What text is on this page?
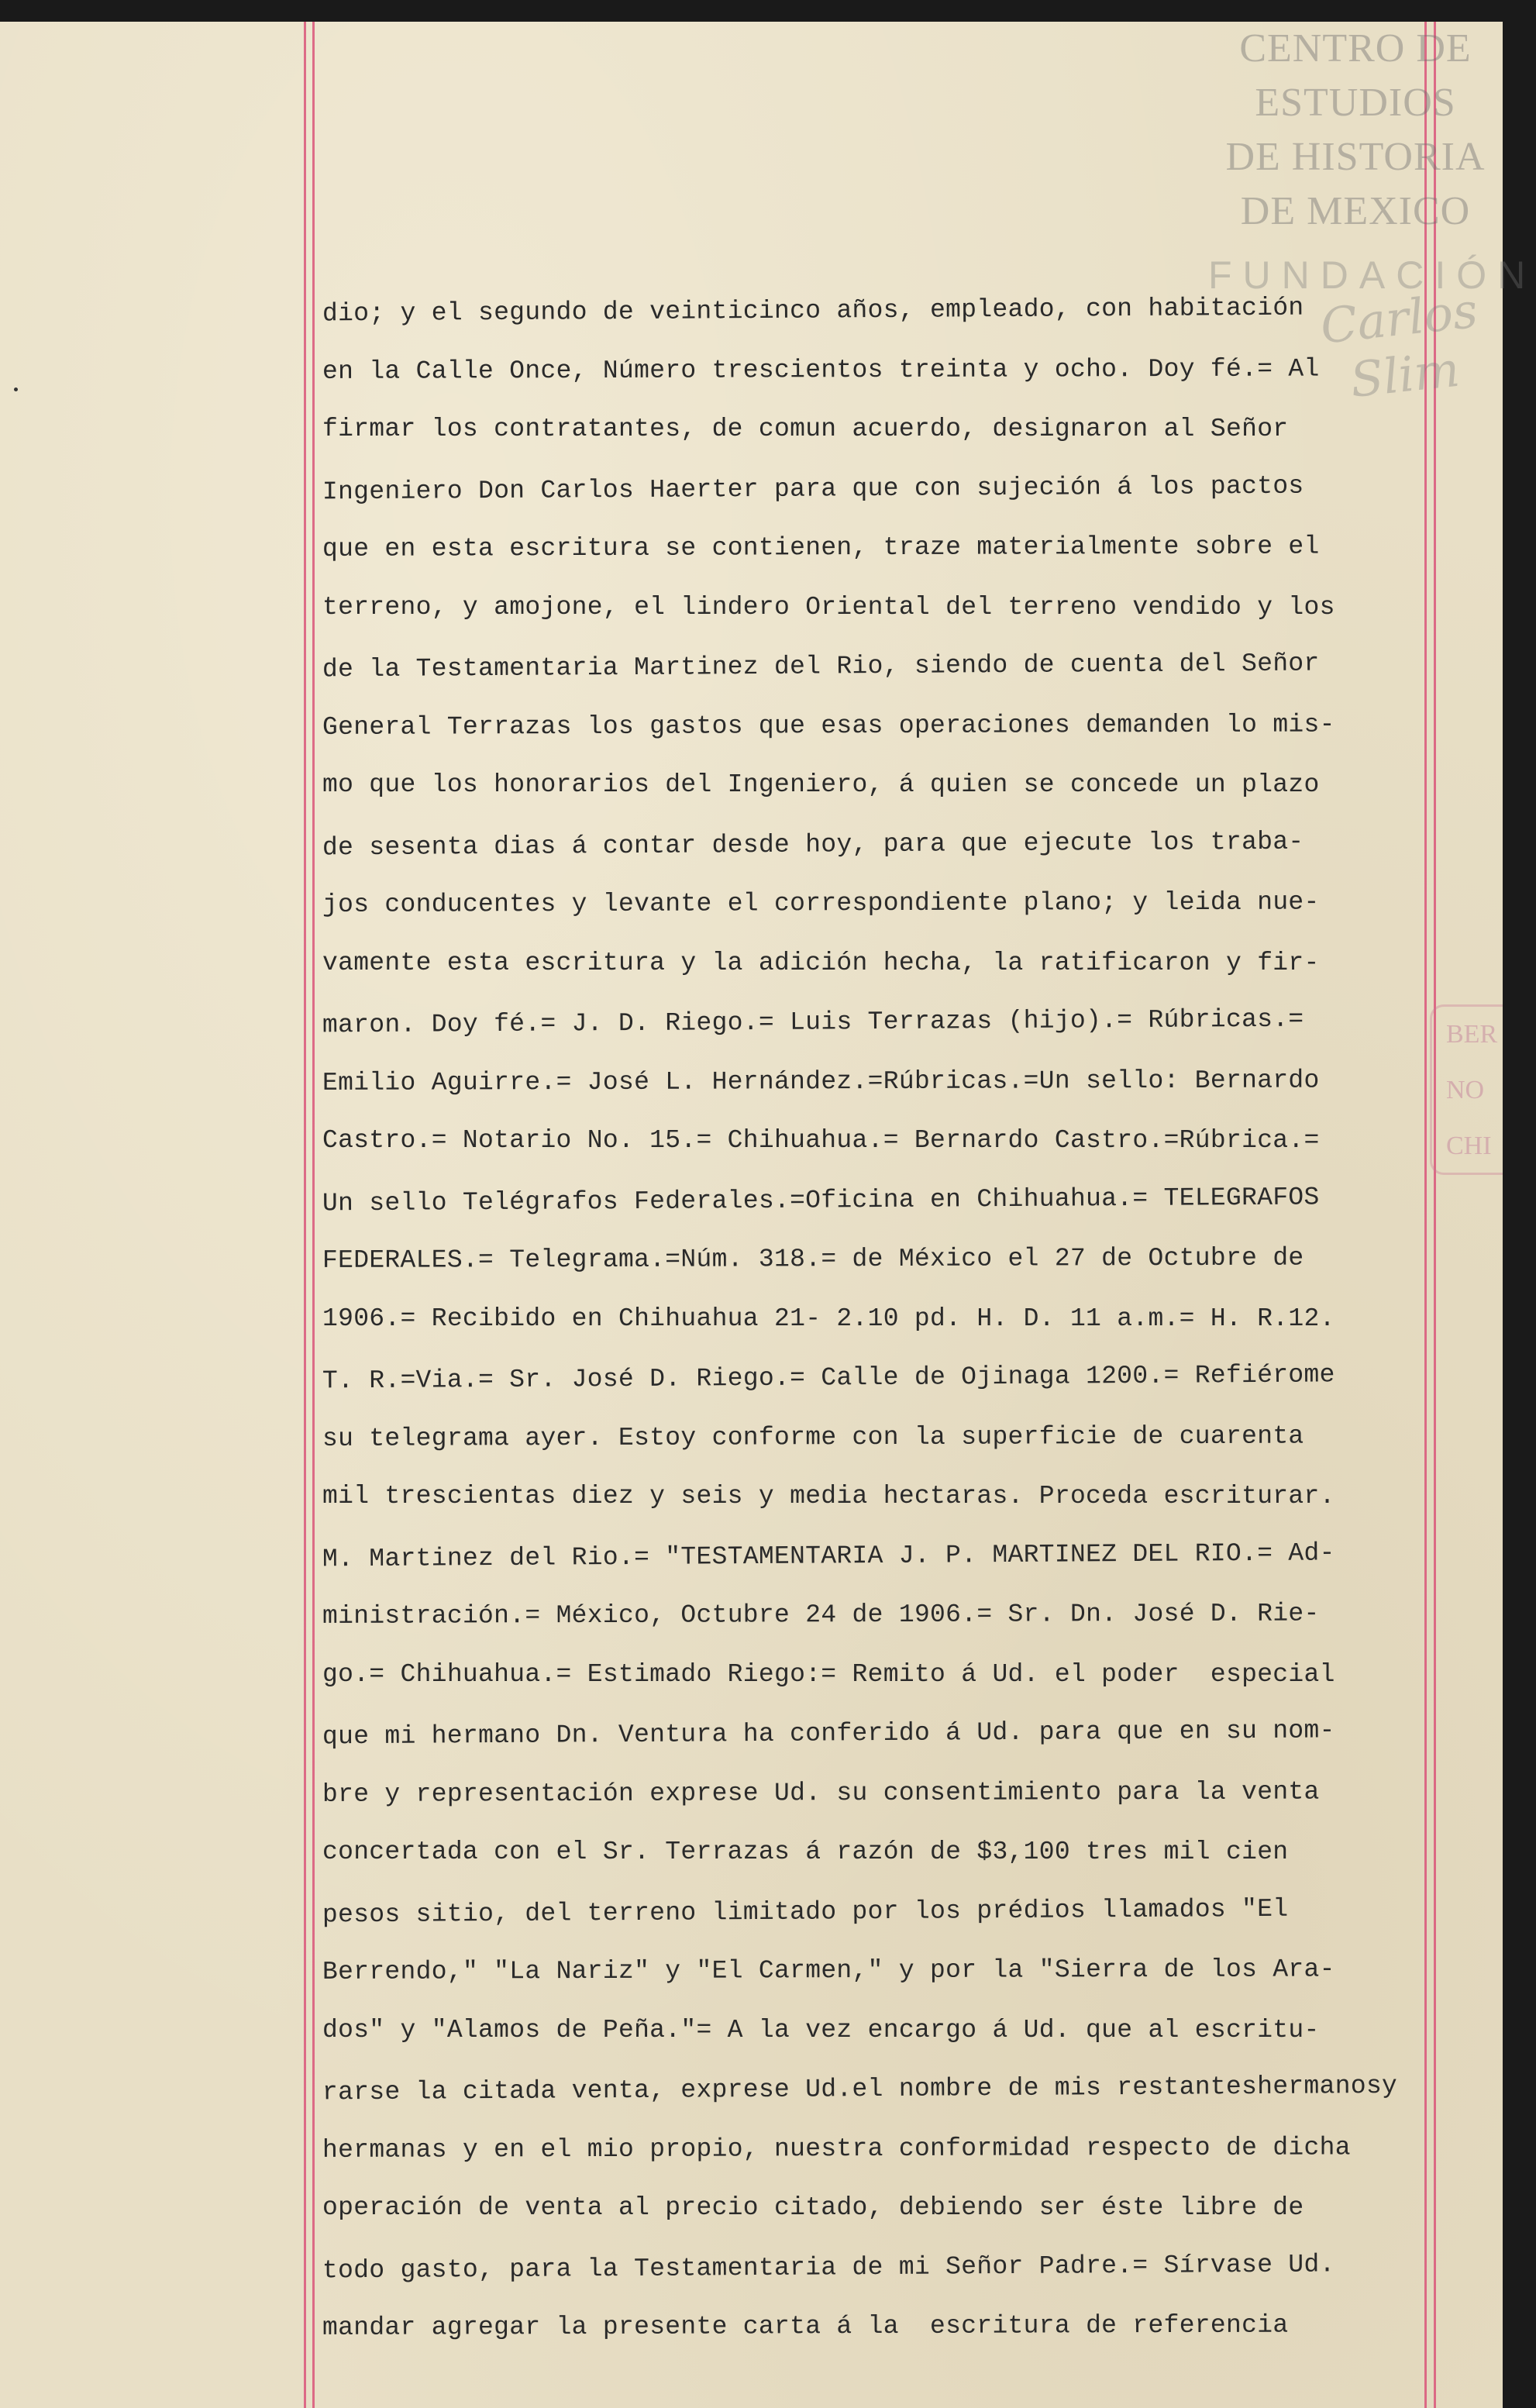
CENTRO DE
ESTUDIOS
DE HISTORIA
DE MEXICO
FUNDACIÓN
Carlos Slim
BER
NO
CHI
dio; y el segundo de veinticinco años, empleado, con habitación
en la Calle Once, Número trescientos treinta y ocho. Doy fé.= Al
firmar los contratantes, de comun acuerdo, designaron al Señor
Ingeniero Don Carlos Haerter para que con sujeción á los pactos
que en esta escritura se contienen, traze materialmente sobre el
terreno, y amojone, el lindero Oriental del terreno vendido y los
de la Testamentaria Martinez del Rio, siendo de cuenta del Señor
General Terrazas los gastos que esas operaciones demanden lo mis-
mo que los honorarios del Ingeniero, á quien se concede un plazo
de sesenta dias á contar desde hoy, para que ejecute los traba-
jos conducentes y levante el correspondiente plano; y leida nue-
vamente esta escritura y la adición hecha, la ratificaron y fir-
maron. Doy fé.= J. D. Riego.= Luis Terrazas (hijo).= Rúbricas.=
Emilio Aguirre.= José L. Hernández.=Rúbricas.=Un sello: Bernardo
Castro.= Notario No. 15.= Chihuahua.= Bernardo Castro.=Rúbrica.=
Un sello Telégrafos Federales.=Oficina en Chihuahua.= TELEGRAFOS
FEDERALES.= Telegrama.=Núm. 318.= de México el 27 de Octubre de
1906.= Recibido en Chihuahua 21- 2.10 pd. H. D. 11 a.m.= H. R.12.
T. R.=Via.= Sr. José D. Riego.= Calle de Ojinaga 1200.= Refiérome
su telegrama ayer. Estoy conforme con la superficie de cuarenta
mil trescientas diez y seis y media hectaras. Proceda escriturar.
M. Martinez del Rio.= "TESTAMENTARIA J. P. MARTINEZ DEL RIO.= Ad-
ministración.= México, Octubre 24 de 1906.= Sr. Dn. José D. Rie-
go.= Chihuahua.= Estimado Riego:= Remito á Ud. el poder  especial
que mi hermano Dn. Ventura ha conferido á Ud. para que en su nom-
bre y representación exprese Ud. su consentimiento para la venta
concertada con el Sr. Terrazas á razón de $3,100 tres mil cien
pesos sitio, del terreno limitado por los prédios llamados "El
Berrendo," "La Nariz" y "El Carmen," y por la "Sierra de los Ara-
dos" y "Alamos de Peña."= A la vez encargo á Ud. que al escritu-
rarse la citada venta, exprese Ud.el nombre de mis restanteshermanosy
hermanas y en el mio propio, nuestra conformidad respecto de dicha
operación de venta al precio citado, debiendo ser éste libre de
todo gasto, para la Testamentaria de mi Señor Padre.= Sírvase Ud.
mandar agregar la presente carta á la  escritura de referencia
